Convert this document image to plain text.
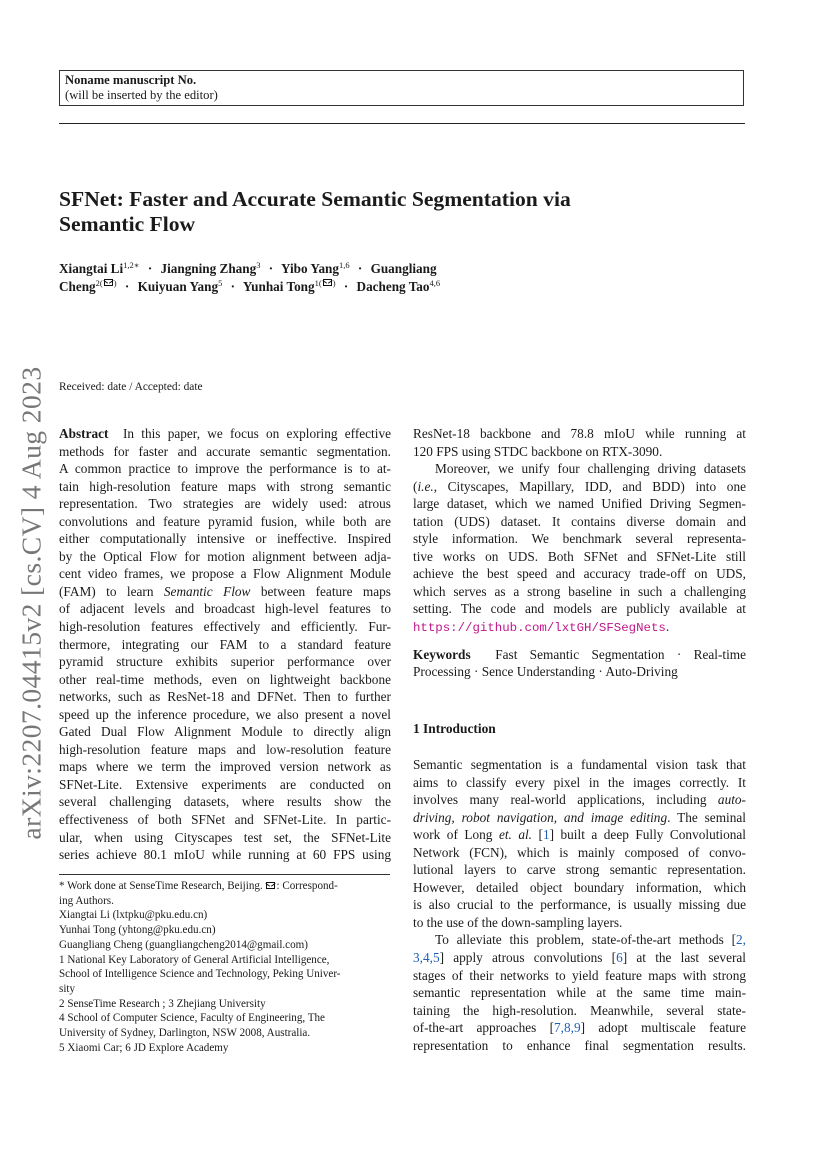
Noname manuscript No.
(will be inserted by the editor)
SFNet: Faster and Accurate Semantic Segmentation via
Semantic Flow
Xiangtai $Li^{1,2∗}$ · Jiangning Zhang$^3$ · Yibo Yang$^{1,6}$ · Guangliang
Cheng$^{2( )}$ · Kuiyuan Yang$^5$ · Yunhai Tong$^{1( )}$ · Dacheng Tao$^{4,6}$
arXiv:2207.04415v2 [cs.CV] 4 Aug 2023 Received: date / Accepted: date
Abstract In this paper, we focus on exploring effective
methods for faster and accurate semantic segmentation.
A common practice to improve the performance is to at-
tain high-resolution feature maps with strong semantic
representation. Two strategies are widely used: atrous
convolutions and feature pyramid fusion, while both are
either computationally intensive or ineffective. Inspired
by the Optical Flow for motion alignment between adja-
cent video frames, we propose a Flow Alignment Module
(FAM) to learn Semantic Flow between feature maps
of adjacent levels and broadcast high-level features to
high-resolution features effectively and efficiently. Fur-
thermore, integrating our FAM to a standard feature
pyramid structure exhibits superior performance over
other real-time methods, even on lightweight backbone
networks, such as ResNet-18 and DFNet. Then to further
speed up the inference procedure, we also present a novel
Gated Dual Flow Alignment Module to directly align
high-resolution feature maps and low-resolution feature
maps where we term the improved version network as
SFNet-Lite. Extensive experiments are conducted on
several challenging datasets, where results show the
effectiveness of both SFNet and SFNet-Lite. In partic-
ular, when using Cityscapes test set, the SFNet-Lite
series achieve 80.1 mIoU while running at 60 FPS using
* Work done at SenseTime Research, Beijing. : Correspond-
ing Authors.
Xiangtai Li (lxtpku@pku.edu.cn)
Yunhai Tong (yhtong@pku.edu.cn)
Guangliang Cheng (guangliangcheng2014@gmail.com)
1 National Key Laboratory of General Artificial Intelligence,
School of Intelligence Science and Technology, Peking Univer-
sity
2 SenseTime Research ; 3 Zhejiang University
4 School of Computer Science, Faculty of Engineering, The
University of Sydney, Darlington, NSW 2008, Australia.
5 Xiaomi Car; 6 JD Explore Academy
ResNet-18 backbone and 78.8 mIoU while running at
120 FPS using STDC backbone on RTX-3090.
Moreover, we unify four challenging driving datasets
(i.e., Cityscapes, Mapillary, IDD, and BDD) into one
large dataset, which we named Unified Driving Segmen-
tation (UDS) dataset. It contains diverse domain and
style information. We benchmark several representa-
tive works on UDS. Both SFNet and SFNet-Lite still
achieve the best speed and accuracy trade-off on UDS,
which serves as a strong baseline in such a challenging
setting. The code and models are publicly available at
https://github.com/lxtGH/SFSegNets.
Keywords Fast Semantic Segmentation · Real-time
Processing · Sence Understanding · Auto-Driving
1 Introduction
Semantic segmentation is a fundamental vision task that
aims to classify every pixel in the images correctly. It
involves many real-world applications, including auto-
driving, robot navigation, and image editing. The seminal
work of Long et. al. [1] built a deep Fully Convolutional
Network (FCN), which is mainly composed of convo-
lutional layers to carve strong semantic representation.
However, detailed object boundary information, which
is also crucial to the performance, is usually missing due
to the use of the down-sampling layers.
To alleviate this problem, state-of-the-art methods [2,
3,4,5] apply atrous convolutions [6] at the last several
stages of their networks to yield feature maps with strong
semantic representation while at the same time main-
taining the high-resolution. Meanwhile, several state-
of-the-art approaches [7,8,9] adopt multiscale feature
representation to enhance final segmentation results.
